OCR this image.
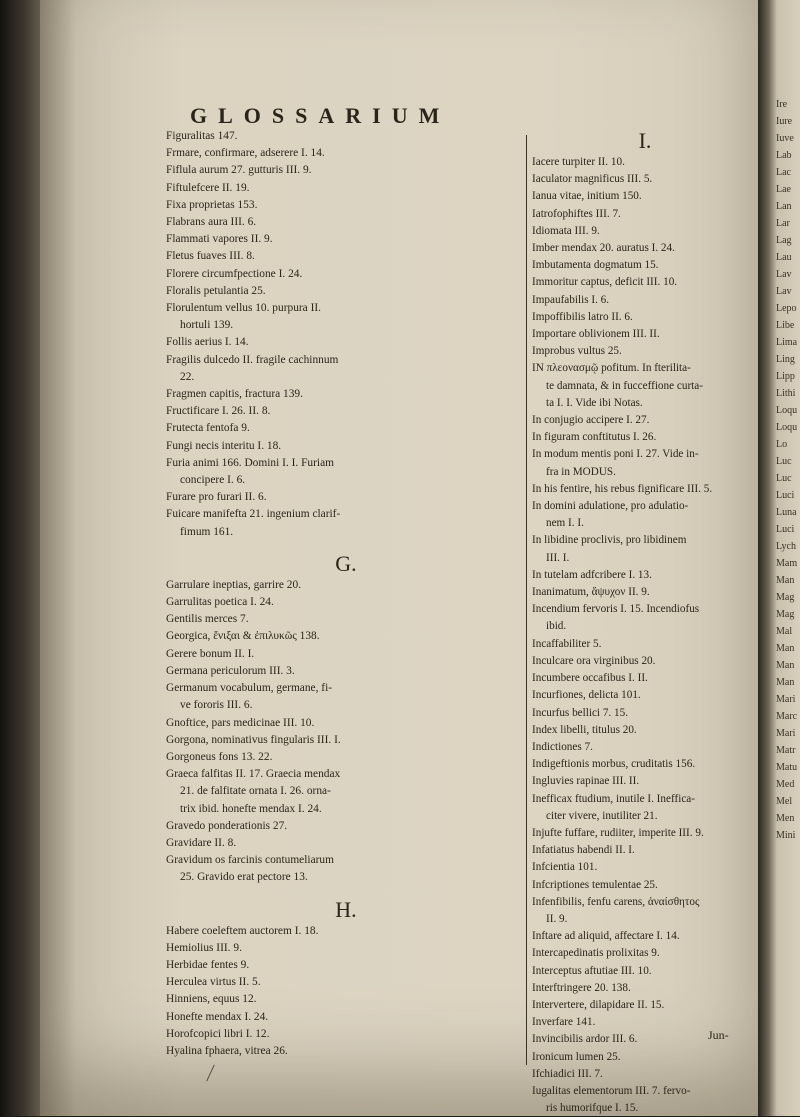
GLOSSARIUM
Figuralitas 147.
Frmare, confirmare, adserere I. 14.
Fiflula aurum 27. gutturis III. 9.
Fiftulefcere II. 19.
Fixa proprietas 153.
Flabrans aura III. 6.
Flammati vapores II. 9.
Fletus fuaves III. 8.
Florere circumfpectione I. 24.
Floralis petulantia 25.
Florulentum vellus 10. purpura II.
hortuli 139.
Follis aerius I. 14.
Fragilis dulcedo II. fragile cachinnum
22.
Fragmen capitis, fractura 139.
Fructificare I. 26. II. 8.
Frutecta fentofa 9.
Fungi necis interitu I. 18.
Furia animi 166. Domini I. I. Furiam
concipere I. 6.
Furare pro furari II. 6.
Fuicare manifefta 21. ingenium clarif-
fimum 161.
G.
Garrulare ineptias, garrire 20.
Garrulitas poetica I. 24.
Gentilis merces 7.
Georgica, ἔνιξαι & ἐπιλυκῶς 138.
Gerere bonum II. I.
Germana periculorum III. 3.
Germanum vocabulum, germane, fi-
ve fororis III. 6.
Gnoftice, pars medicinae III. 10.
Gorgona, nominativus fingularis III. I.
Gorgoneus fons 13. 22.
Graeca falfitas II. 17. Graecia mendax
21. de falfitate ornata I. 26. orna-
trix ibid. honefte mendax I. 24.
Gravedo ponderationis 27.
Gravidare II. 8.
Gravidum os farcinis contumeliarum
25. Gravido erat pectore 13.
H.
Habere coeleftem auctorem I. 18.
Hemiolius III. 9.
Herbidae fentes 9.
Herculea virtus II. 5.
Hinniens, equus 12.
Honefte mendax I. 24.
Horofcopici libri I. 12.
Hyalina fphaera, vitrea 26.
I.
Iacere turpiter II. 10.
Iaculator magnificus III. 5.
Ianua vitae, initium 150.
Iatrofophiftes III. 7.
Idiomata III. 9.
Imber mendax 20. auratus I. 24.
Imbutamenta dogmatum 15.
Immoritur captus, deficit III. 10.
Impaufabilis I. 6.
Impoffibilis latro II. 6.
Importare oblivionem III. II.
Improbus vultus 25.
IN πλεονασμῷ pofitum. In fterilita-
te damnata, & in fucceffione curta-
ta I. I. Vide ibi Notas.
In conjugio accipere I. 27.
In figuram conftitutus I. 26.
In modum mentis poni I. 27. Vide in-
fra in MODUS.
In his fentire, his rebus fignificare III. 5.
In domini adulatione, pro adulatio-
nem I. I.
In libidine proclivis, pro libidinem
III. I.
In tutelam adfcribere I. 13.
Inanimatum, ἄψυχον II. 9.
Incendium fervoris I. 15. Incendiofus
ibid.
Incaffabiliter 5.
Inculcare ora virginibus 20.
Incumbere occafibus I. II.
Incurfiones, delicta 101.
Incurfus bellici 7. 15.
Index libelli, titulus 20.
Indictiones 7.
Indigeftionis morbus, cruditatis 156.
Ingluvies rapinae III. II.
Inefficax ftudium, inutile I. Ineffica-
citer vivere, inutiliter 21.
Injufte fuffare, rudiiter, imperite III. 9.
Infatiatus habendi II. I.
Infcientia 101.
Infcriptiones temulentae 25.
Infenfibilis, fenfu carens, ἀναίσθητος
II. 9.
Inftare ad aliquid, affectare I. 14.
Intercapedinatis prolixitas 9.
Interceptus aftutiae III. 10.
Interftringere 20. 138.
Intervertere, dilapidare II. 15.
Inverfare 141.
Invincibilis ardor III. 6.
Ironicum lumen 25.
Ifchiadici III. 7.
Iugalitas elementorum III. 7. fervo-
ris humorifque I. 15.
Jun-
Ire
Iure
Iuve
Lab
Lac
Lae
Lan
Lar
Lag
Lau
Lav
Lav
Lepo
Libe
Lima
Ling
Lipp
Lithi
Loqu
Loqu
Lo
Luc
Luc
Luci
Luna
Luci
Lych
Mam
Man
Mag
Mag
Mal
Man
Man
Man
Mari
Marc
Mari
Matr
Matu
Med
Mel
Men
Mini
